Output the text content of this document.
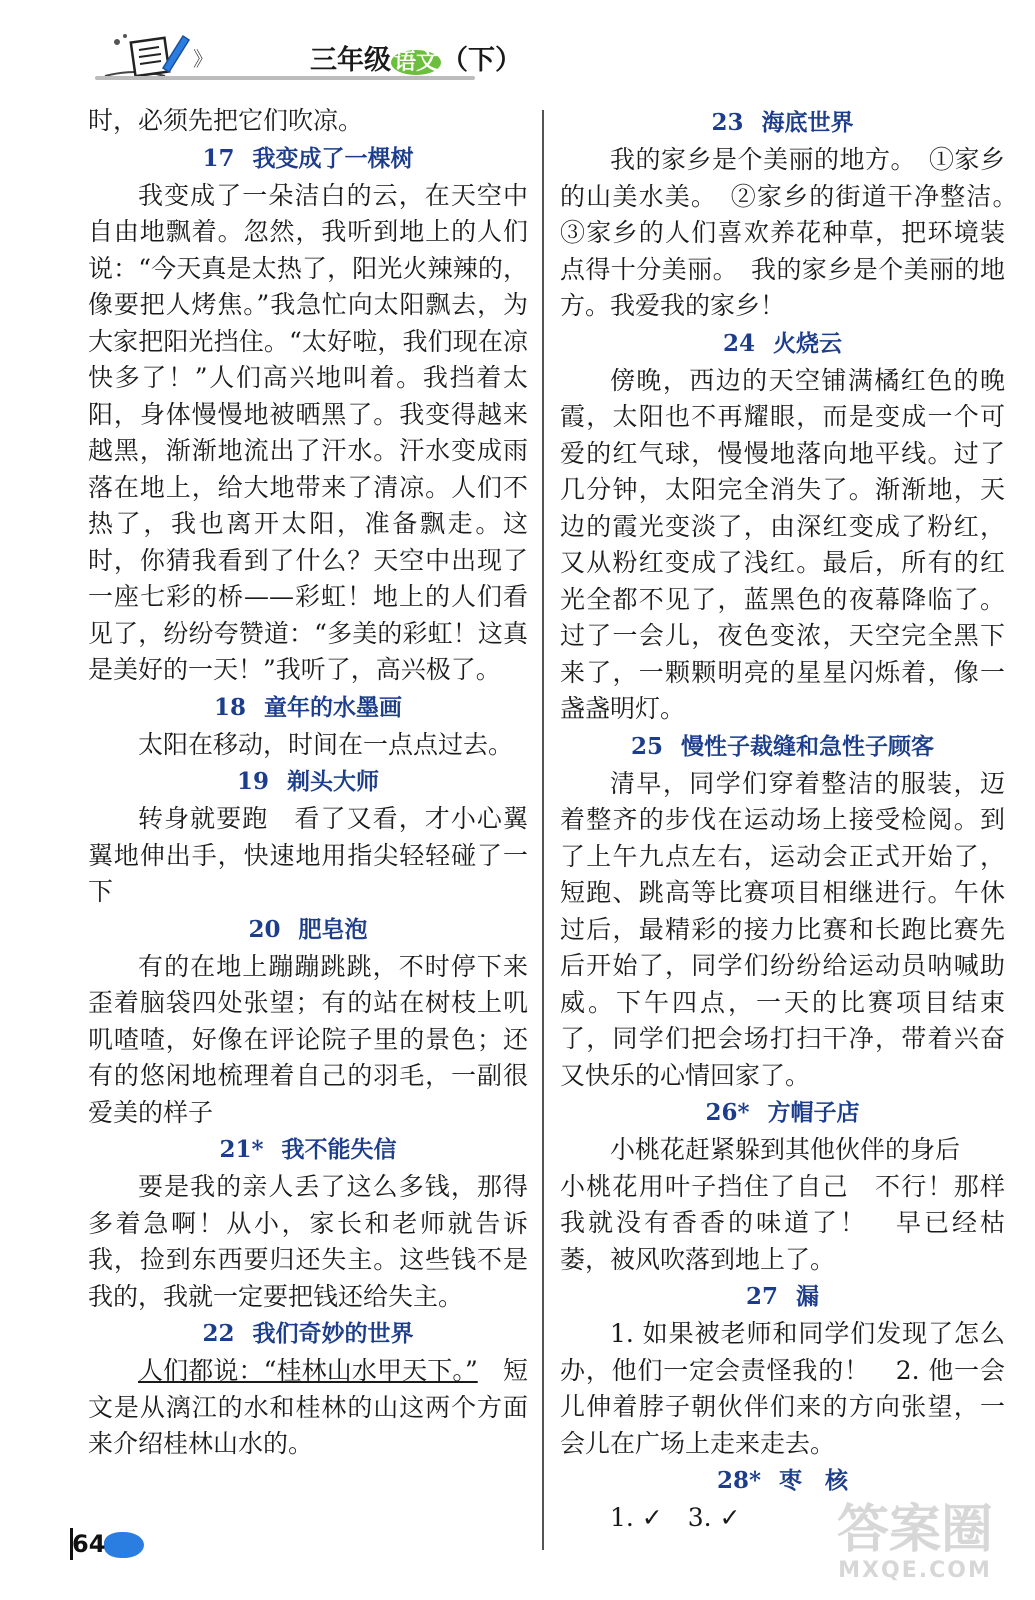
》	三年级 语文 （下）

时，必须先把它们吹凉。

17 我变成了一棵树

我变成了一朵洁白的云，在天空中自由地飘着。忽然，我听到地上的人们说：“今天真是太热了，阳光火辣辣的，像要把人烤焦。”我急忙向太阳飘去，为大家把阳光挡住。“太好啦，我们现在凉快多了！”人们高兴地叫着。我挡着太阳，身体慢慢地被晒黑了。我变得越来越黑，渐渐地流出了汗水。汗水变成雨落在地上，给大地带来了清凉。人们不热了，我也离开太阳，准备飘走。这时，你猜我看到了什么？天空中出现了一座七彩的桥——彩虹！地上的人们看见了，纷纷夸赞道：“多美的彩虹！这真是美好的一天！”我听了，高兴极了。

18 童年的水墨画

太阳在移动，时间在一点点过去。

19 剃头大师

转身就要跑　看了又看，才小心翼翼地伸出手，快速地用指尖轻轻碰了一下

20 肥皂泡

有的在地上蹦蹦跳跳，不时停下来歪着脑袋四处张望；有的站在树枝上叽叽喳喳，好像在评论院子里的景色；还有的悠闲地梳理着自己的羽毛，一副很爱美的样子

21* 我不能失信

要是我的亲人丢了这么多钱，那得多着急啊！从小，家长和老师就告诉我，捡到东西要归还失主。这些钱不是我的，我就一定要把钱还给失主。

22 我们奇妙的世界

人们都说：“桂林山水甲天下。”　短文是从漓江的水和桂林的山这两个方面来介绍桂林山水的。

23 海底世界

我的家乡是个美丽的地方。　①家乡的山美水美。　②家乡的街道干净整洁。　③家乡的人们喜欢养花种草，把环境装点得十分美丽。　我的家乡是个美丽的地方。我爱我的家乡！

24 火烧云

傍晚，西边的天空铺满橘红色的晚霞，太阳也不再耀眼，而是变成一个可爱的红气球，慢慢地落向地平线。过了几分钟，太阳完全消失了。渐渐地，天边的霞光变淡了，由深红变成了粉红，又从粉红变成了浅红。最后，所有的红光全都不见了，蓝黑色的夜幕降临了。过了一会儿，夜色变浓，天空完全黑下来了，一颗颗明亮的星星闪烁着，像一盏盏明灯。

25 慢性子裁缝和急性子顾客

清早，同学们穿着整洁的服装，迈着整齐的步伐在运动场上接受检阅。到了上午九点左右，运动会正式开始了，短跑、跳高等比赛项目相继进行。午休过后，最精彩的接力比赛和长跑比赛先后开始了，同学们纷纷给运动员呐喊助威。下午四点，一天的比赛项目结束了，同学们把会场打扫干净，带着兴奋又快乐的心情回家了。

26* 方帽子店

小桃花赶紧躲到其他伙伴的身后

小桃花用叶子挡住了自己　不行！那样我就没有香香的味道了！　早已经枯萎，被风吹落到地上了。

27 漏

1. 如果被老师和同学们发现了怎么办，他们一定会责怪我的！　2. 他一会儿伸着脖子朝伙伴们来的方向张望，一会儿在广场上走来走去。

28* 枣　核

1. ✓　3. ✓

64	答案圈
MXQE.COM
